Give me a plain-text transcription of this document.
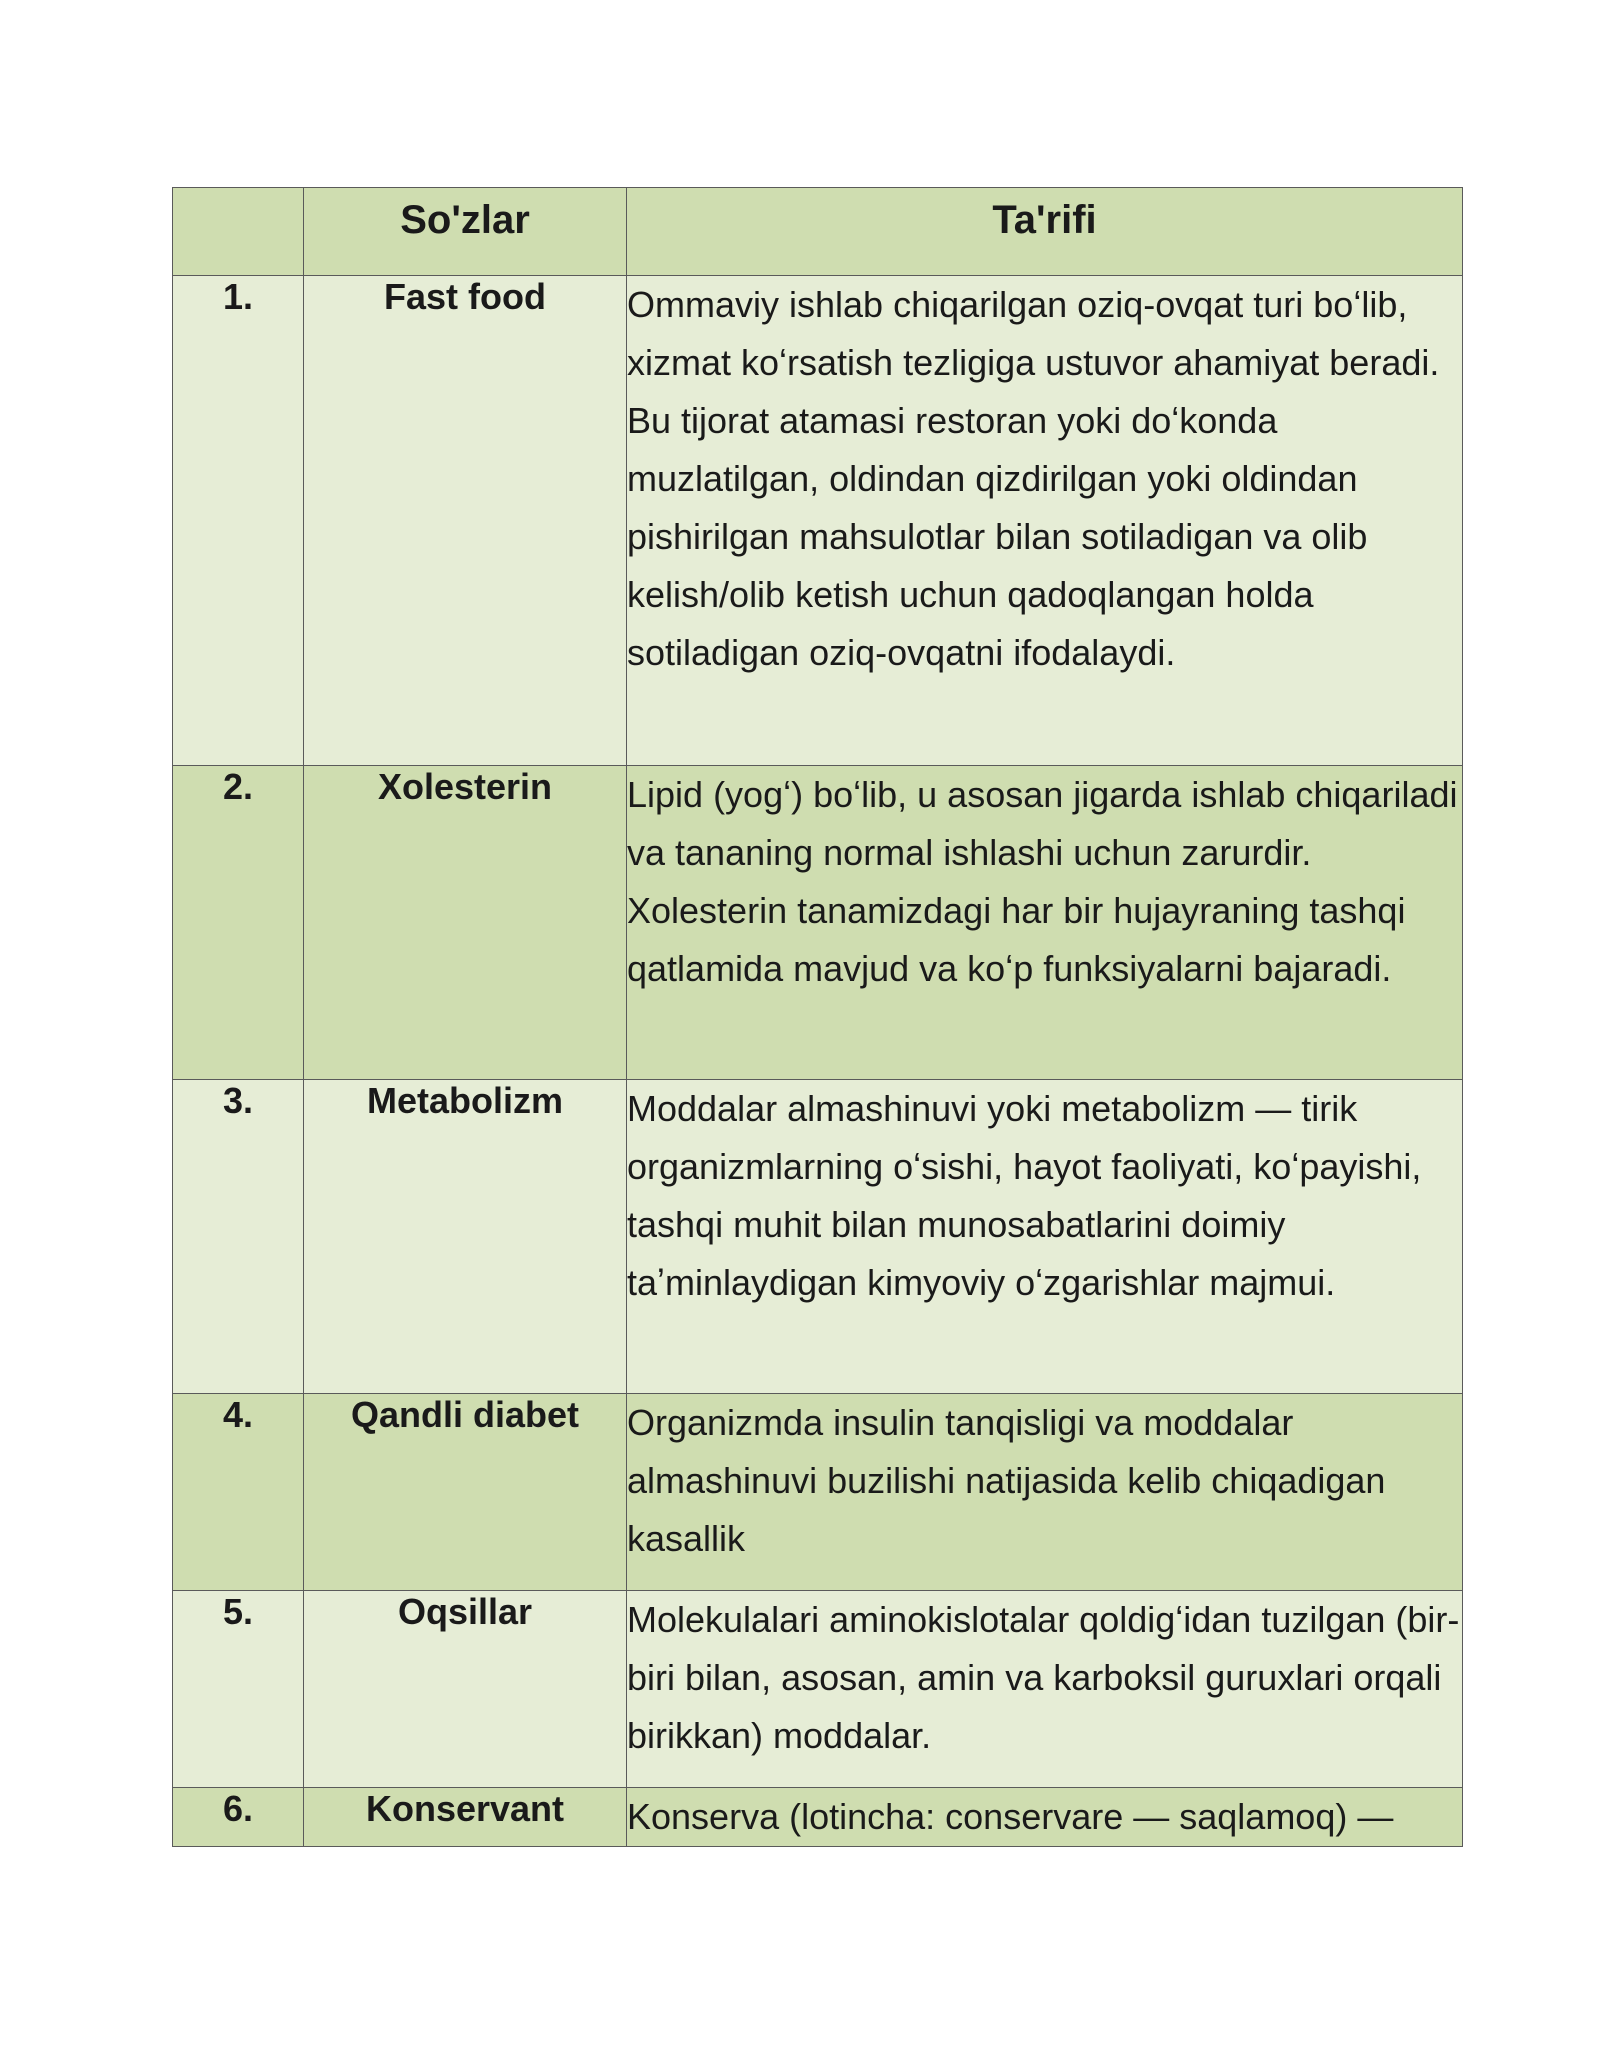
	So'zlar	Ta'rifi
1.	Fast food	Ommaviy ishlab chiqarilgan oziq-ovqat turi boʻlib, xizmat koʻrsatish tezligiga ustuvor ahamiyat beradi. Bu tijorat atamasi restoran yoki doʻkonda muzlatilgan, oldindan qizdirilgan yoki oldindan pishirilgan mahsulotlar bilan sotiladigan va olib kelish/olib ketish uchun qadoqlangan holda sotiladigan oziq-ovqatni ifodalaydi.
2.	Xolesterin	Lipid (yogʻ) boʻlib, u asosan jigarda ishlab chiqariladi va tananing normal ishlashi uchun zarurdir. Xolesterin tanamizdagi har bir hujayraning tashqi qatlamida mavjud va koʻp funksiyalarni bajaradi.
3.	Metabolizm	Moddalar almashinuvi yoki metabolizm — tirik organizmlarning oʻsishi, hayot faoliyati, koʻpayishi, tashqi muhit bilan munosabatlarini doimiy taʼminlaydigan kimyoviy oʻzgarishlar majmui.
4.	Qandli diabet	Organizmda insulin tanqisligi va moddalar almashinuvi buzilishi natijasida kelib chiqadigan kasallik
5.	Oqsillar	Molekulalari aminokislotalar qoldigʻidan tuzilgan (bir-biri bilan, asosan, amin va karboksil guruxlari orqali birikkan) moddalar.
6.	Konservant	Konserva (lotincha: conservare — saqlamoq) —
